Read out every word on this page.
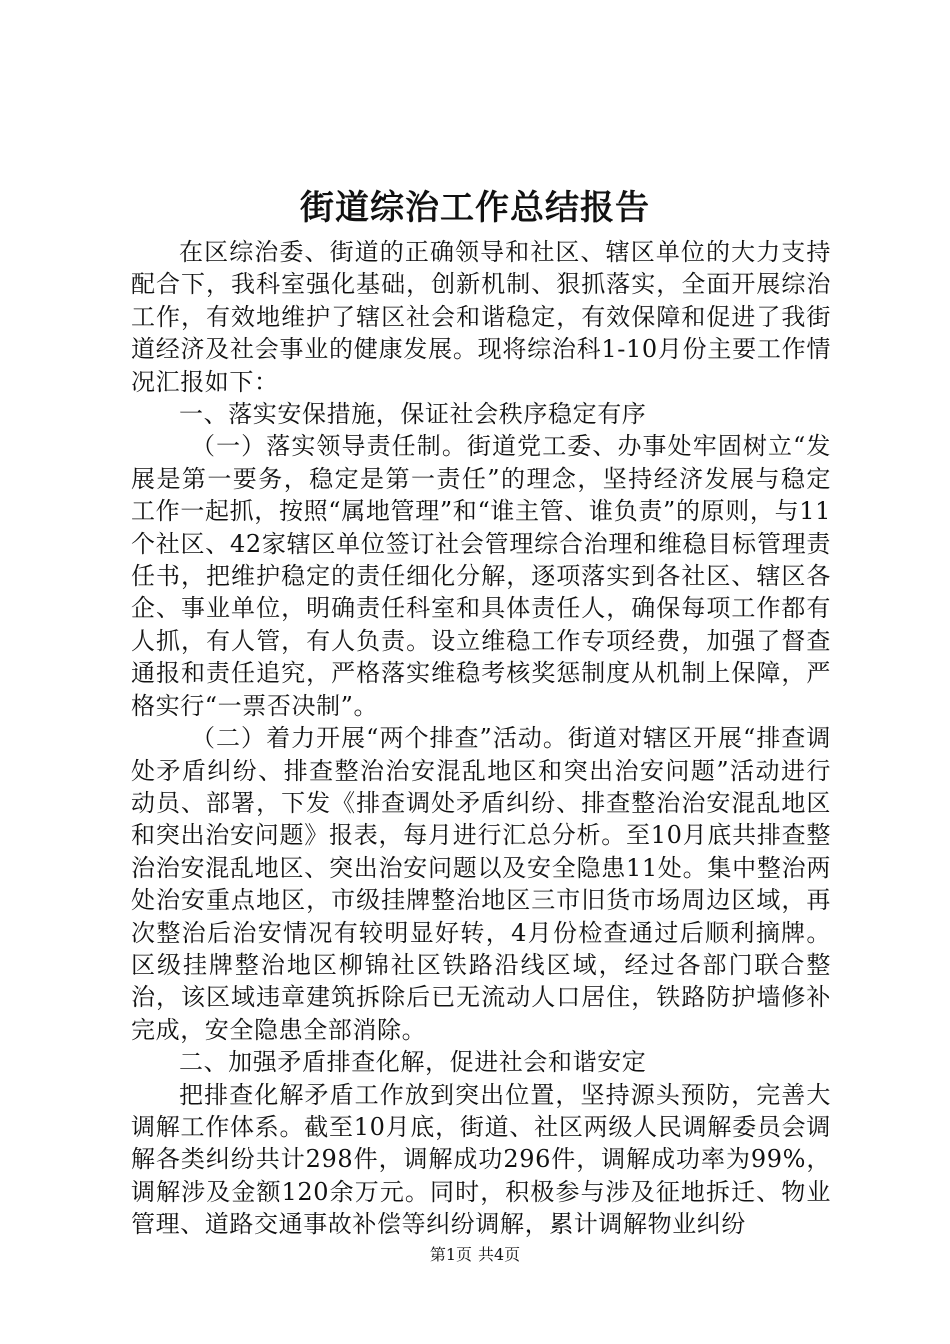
街道综治工作总结报告

在区综治委、街道的正确领导和社区、辖区单位的大力支持配合下，我科室强化基础，创新机制、狠抓落实，全面开展综治工作，有效地维护了辖区社会和谐稳定，有效保障和促进了我街道经济及社会事业的健康发展。现将综治科1-10月份主要工作情况汇报如下：

一、落实安保措施，保证社会秩序稳定有序

（一）落实领导责任制。街道党工委、办事处牢固树立“发展是第一要务，稳定是第一责任”的理念，坚持经济发展与稳定工作一起抓，按照“属地管理”和“谁主管、谁负责”的原则，与11个社区、42家辖区单位签订社会管理综合治理和维稳目标管理责任书，把维护稳定的责任细化分解，逐项落实到各社区、辖区各企、事业单位，明确责任科室和具体责任人，确保每项工作都有人抓，有人管，有人负责。设立维稳工作专项经费，加强了督查通报和责任追究，严格落实维稳考核奖惩制度从机制上保障，严格实行“一票否决制”。

（二）着力开展“两个排查”活动。街道对辖区开展“排查调处矛盾纠纷、排查整治治安混乱地区和突出治安问题”活动进行动员、部署，下发《排查调处矛盾纠纷、排查整治治安混乱地区和突出治安问题》报表，每月进行汇总分析。至10月底共排查整治治安混乱地区、突出治安问题以及安全隐患11处。集中整治两处治安重点地区，市级挂牌整治地区三市旧货市场周边区域，再次整治后治安情况有较明显好转，4月份检查通过后顺利摘牌。区级挂牌整治地区柳锦社区铁路沿线区域，经过各部门联合整治，该区域违章建筑拆除后已无流动人口居住，铁路防护墙修补完成，安全隐患全部消除。

二、加强矛盾排查化解，促进社会和谐安定

把排查化解矛盾工作放到突出位置，坚持源头预防，完善大调解工作体系。截至10月底，街道、社区两级人民调解委员会调解各类纠纷共计298件，调解成功296件，调解成功率为99%，调解涉及金额120余万元。同时，积极参与涉及征地拆迁、物业管理、道路交通事故补偿等纠纷调解，累计调解物业纠纷

第1页 共4页
